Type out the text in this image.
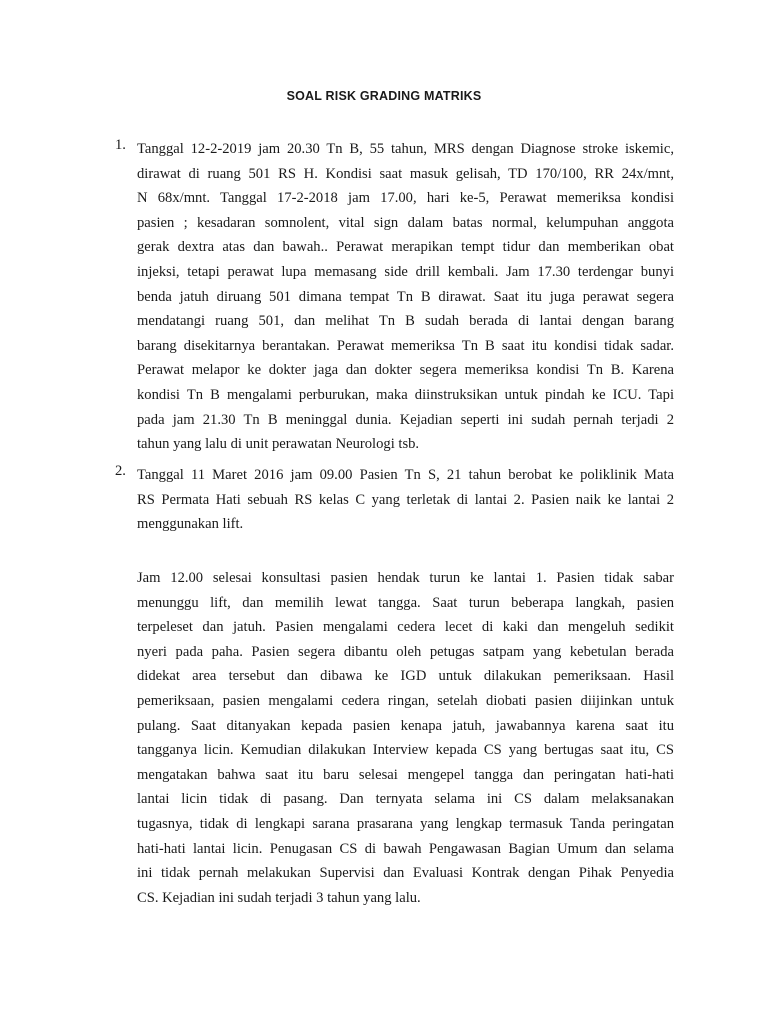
SOAL RISK GRADING MATRIKS
1. Tanggal 12-2-2019 jam 20.30 Tn B, 55 tahun, MRS dengan Diagnose stroke iskemic,
dirawat di ruang 501 RS H. Kondisi saat masuk gelisah, TD 170/100, RR 24x/mnt,
N 68x/mnt. Tanggal 17-2-2018 jam 17.00, hari ke-5, Perawat memeriksa kondisi
pasien ; kesadaran somnolent, vital sign dalam batas normal, kelumpuhan anggota
gerak dextra atas dan bawah.. Perawat merapikan tempt tidur dan memberikan obat
injeksi, tetapi perawat lupa memasang side drill kembali. Jam 17.30 terdengar bunyi
benda jatuh diruang 501 dimana tempat Tn B dirawat. Saat itu juga perawat segera
mendatangi ruang 501, dan melihat Tn B sudah berada di lantai dengan barang
barang disekitarnya berantakan. Perawat memeriksa Tn B saat itu kondisi tidak sadar.
Perawat melapor ke dokter jaga dan dokter segera memeriksa kondisi Tn B. Karena
kondisi Tn B mengalami perburukan, maka diinstruksikan untuk pindah ke ICU. Tapi
pada jam 21.30 Tn B meninggal dunia. Kejadian seperti ini sudah pernah terjadi 2
tahun yang lalu di unit perawatan Neurologi tsb.
2. Tanggal 11 Maret 2016 jam 09.00 Pasien Tn S, 21 tahun berobat ke poliklinik Mata
RS Permata Hati sebuah RS kelas C yang terletak di lantai 2. Pasien naik ke lantai 2
menggunakan lift.
Jam 12.00 selesai konsultasi pasien hendak turun ke lantai 1. Pasien tidak sabar
menunggu lift, dan memilih lewat tangga. Saat turun beberapa langkah, pasien
terpeleset dan jatuh. Pasien mengalami cedera lecet di kaki dan mengeluh sedikit
nyeri pada paha. Pasien segera dibantu oleh petugas satpam yang kebetulan berada
didekat area tersebut dan dibawa ke IGD untuk dilakukan pemeriksaan. Hasil
pemeriksaan, pasien mengalami cedera ringan, setelah diobati pasien diijinkan untuk
pulang. Saat ditanyakan kepada pasien kenapa jatuh, jawabannya karena saat itu
tangganya licin. Kemudian dilakukan Interview kepada CS yang bertugas saat itu, CS
mengatakan bahwa saat itu baru selesai mengepel tangga dan peringatan hati-hati
lantai licin tidak di pasang. Dan ternyata selama ini CS dalam melaksanakan
tugasnya, tidak di lengkapi sarana prasarana yang lengkap termasuk Tanda peringatan
hati-hati lantai licin. Penugasan CS di bawah Pengawasan Bagian Umum dan selama
ini tidak pernah melakukan Supervisi dan Evaluasi Kontrak dengan Pihak Penyedia
CS. Kejadian ini sudah terjadi 3 tahun yang lalu.
